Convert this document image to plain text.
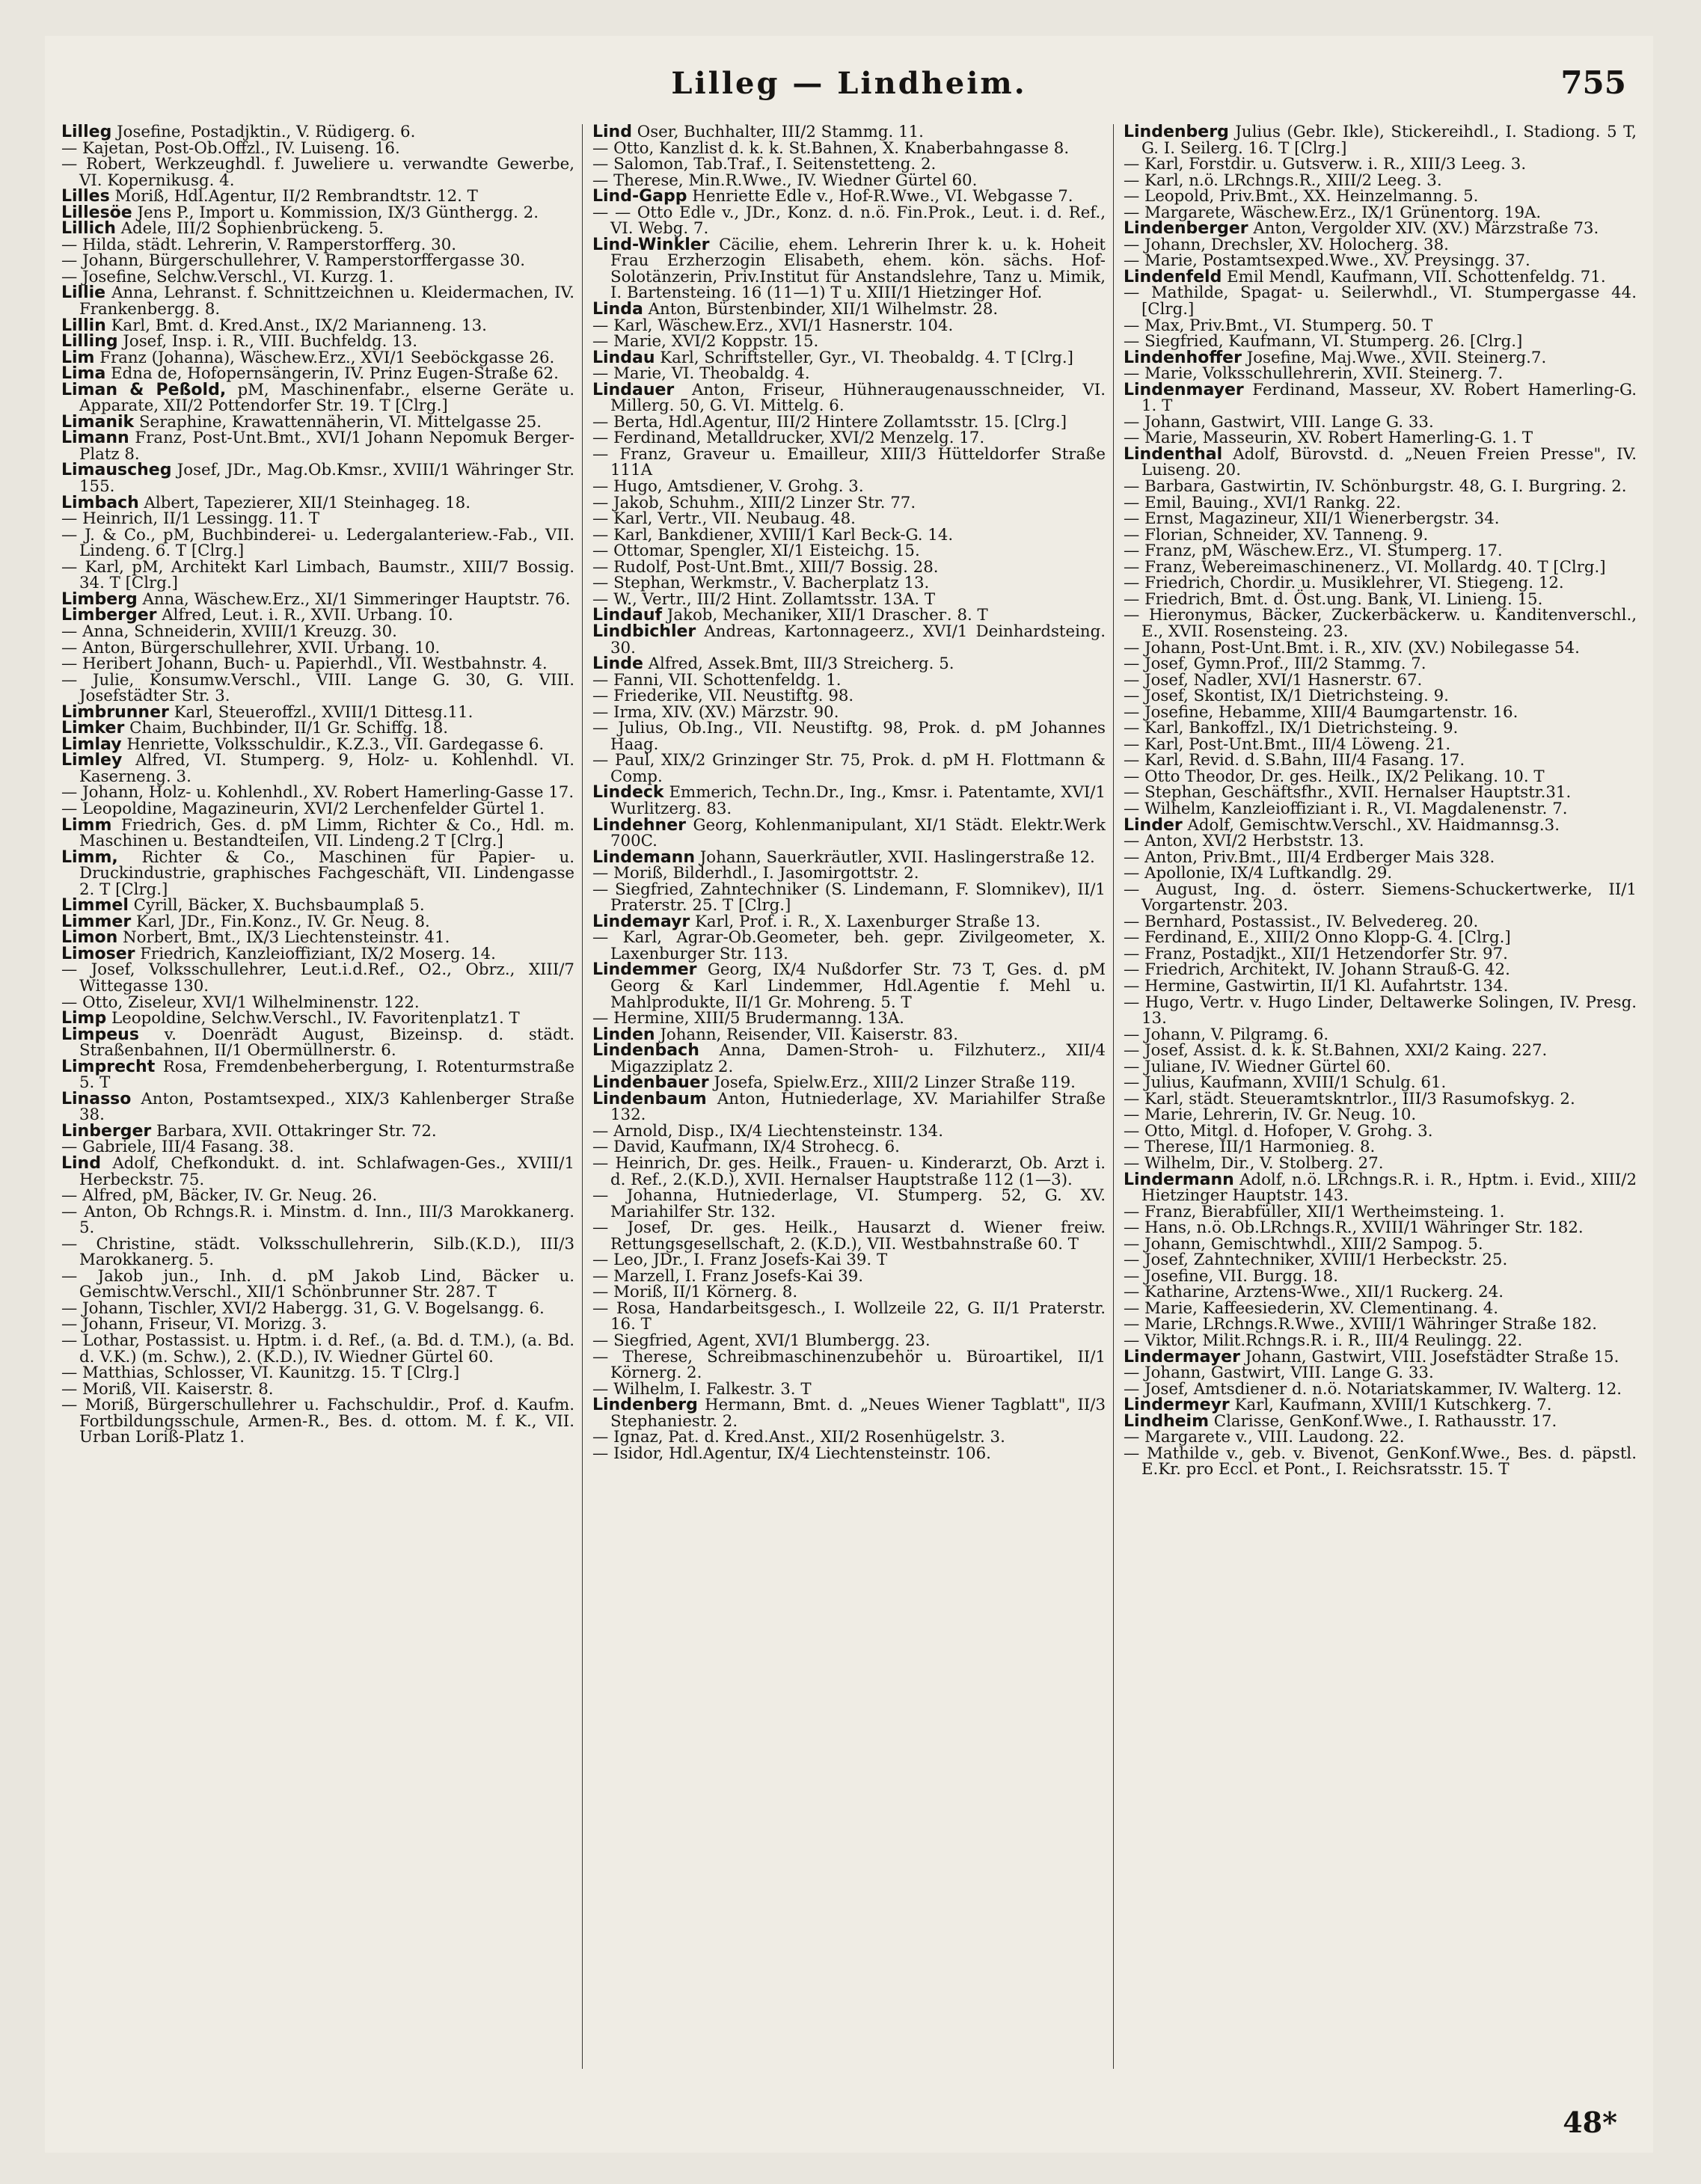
Lilleg — Lindheim.	755
Lilleg Josefine, Postadjktin., V. Rüdigerg. 6.
— Kajetan, Post-Ob.Offzl., IV. Luiseng. 16.
— Robert, Werkzeughdl. f. Juweliere u. verwandte Gewerbe, VI. Kopernikusg. 4.
Lilles Moriß, Hdl.Agentur, II/2 Rembrandtstr. 12. T
Lillesöe Jens P., Import u. Kommission, IX/3 Günthergg. 2.
Lillich Adele, III/2 Sophienbrückeng. 5.
— Hilda, städt. Lehrerin, V. Ramperstorfferg. 30.
— Johann, Bürgerschullehrer, V. Ramperstorffergasse 30.
— Josefine, Selchw.Verschl., VI. Kurzg. 1.
Lillie Anna, Lehranst. f. Schnittzeichnen u. Kleidermachen, IV. Frankenbergg. 8.
Lillin Karl, Bmt. d. Kred.Anst., IX/2 Marianneng. 13.
Lilling Josef, Insp. i. R., VIII. Buchfeldg. 13.
Lim Franz (Johanna), Wäschew.Erz., XVI/1 Seeböckgasse 26.
Lima Edna de, Hofopernsängerin, IV. Prinz Eugen-Straße 62.
Liman & Peßold, pM, Maschinenfabr., elserne Geräte u. Apparate, XII/2 Pottendorfer Str. 19. T [Clrg.]
Limanik Seraphine, Krawattennäherin, VI. Mittelgasse 25.
Limann Franz, Post-Unt.Bmt., XVI/1 Johann Nepomuk Berger-Platz 8.
Limauscheg Josef, JDr., Mag.Ob.Kmsr., XVIII/1 Währinger Str. 155.
Limbach Albert, Tapezierer, XII/1 Steinhageg. 18.
— Heinrich, II/1 Lessingg. 11. T
— J. & Co., pM, Buchbinderei- u. Ledergalanteriew.-Fab., VII. Lindeng. 6. T [Clrg.]
— Karl, pM, Architekt Karl Limbach, Baumstr., XIII/7 Bossig. 34. T [Clrg.]
Limberg Anna, Wäschew.Erz., XI/1 Simmeringer Hauptstr. 76.
Limberger Alfred, Leut. i. R., XVII. Urbang. 10.
— Anna, Schneiderin, XVIII/1 Kreuzg. 30.
— Anton, Bürgerschullehrer, XVII. Urbang. 10.
— Heribert Johann, Buch- u. Papierhdl., VII. Westbahnstr. 4.
— Julie, Konsumw.Verschl., VIII. Lange G. 30, G. VIII. Josefstädter Str. 3.
Limbrunner Karl, Steueroffzl., XVIII/1 Dittesg.11.
Limker Chaim, Buchbinder, II/1 Gr. Schiffg. 18.
Limlay Henriette, Volksschuldir., K.Z.3., VII. Gardegasse 6.
Limley Alfred, VI. Stumperg. 9, Holz- u. Kohlenhdl. VI. Kaserneng. 3.
— Johann, Holz- u. Kohlenhdl., XV. Robert Hamerling-Gasse 17.
— Leopoldine, Magazineurin, XVI/2 Lerchenfelder Gürtel 1.
Limm Friedrich, Ges. d. pM Limm, Richter & Co., Hdl. m. Maschinen u. Bestandteilen, VII. Lindeng.2 T [Clrg.]
Limm, Richter & Co., Maschinen für Papier- u. Druckindustrie, graphisches Fachgeschäft, VII. Lindengasse 2. T [Clrg.]
Limmel Cyrill, Bäcker, X. Buchsbaumplaß 5.
Limmer Karl, JDr., Fin.Konz., IV. Gr. Neug. 8.
Limon Norbert, Bmt., IX/3 Liechtensteinstr. 41.
Limoser Friedrich, Kanzleioffiziant, IX/2 Moserg. 14.
— Josef, Volksschullehrer, Leut.i.d.Ref., O2., Obrz., XIII/7 Wittegasse 130.
— Otto, Ziseleur, XVI/1 Wilhelminenstr. 122.
Limp Leopoldine, Selchw.Verschl., IV. Favoritenplatz1. T
Limpeus v. Doenrädt August, Bizeinsp. d. städt. Straßenbahnen, II/1 Obermüllnerstr. 6.
Limprecht Rosa, Fremdenbeherbergung, I. Rotenturmstraße 5. T
Linasso Anton, Postamtsexped., XIX/3 Kahlenberger Straße 38.
Linberger Barbara, XVII. Ottakringer Str. 72.
— Gabriele, III/4 Fasang. 38.
Lind Adolf, Chefkondukt. d. int. Schlafwagen-Ges., XVIII/1 Herbeckstr. 75.
— Alfred, pM, Bäcker, IV. Gr. Neug. 26.
— Anton, Ob Rchngs.R. i. Minstm. d. Inn., III/3 Marokkanerg. 5.
— Christine, städt. Volksschullehrerin, Silb.(K.D.), III/3 Marokkanerg. 5.
— Jakob jun., Inh. d. pM Jakob Lind, Bäcker u. Gemischtw.Verschl., XII/1 Schönbrunner Str. 287. T
— Johann, Tischler, XVI/2 Habergg. 31, G. V. Bogelsangg. 6.
— Johann, Friseur, VI. Morizg. 3.
— Lothar, Postassist. u. Hptm. i. d. Ref., (a. Bd. d. T.M.), (a. Bd. d. V.K.) (m. Schw.), 2. (K.D.), IV. Wiedner Gürtel 60.
— Matthias, Schlosser, VI. Kaunitzg. 15. T [Clrg.]
— Moriß, VII. Kaiserstr. 8.
— Moriß, Bürgerschullehrer u. Fachschuldir., Prof. d. Kaufm. Fortbildungsschule, Armen-R., Bes. d. ottom. M. f. K., VII. Urban Loriß-Platz 1.
Lind Oser, Buchhalter, III/2 Stammg. 11.
— Otto, Kanzlist d. k. k. St.Bahnen, X. Knaberbahngasse 8.
— Salomon, Tab.Traf., I. Seitenstetteng. 2.
— Therese, Min.R.Wwe., IV. Wiedner Gürtel 60.
Lind-Gapp Henriette Edle v., Hof-R.Wwe., VI. Webgasse 7.
— — Otto Edle v., JDr., Konz. d. n.ö. Fin.Prok., Leut. i. d. Ref., VI. Webg. 7.
Lind-Winkler Cäcilie, ehem. Lehrerin Ihrer k. u. k. Hoheit Frau Erzherzogin Elisabeth, ehem. kön. sächs. Hof-Solotänzerin, Priv.Institut für Anstandslehre, Tanz u. Mimik, I. Bartensteing. 16 (11—1) T u. XIII/1 Hietzinger Hof.
Linda Anton, Bürstenbinder, XII/1 Wilhelmstr. 28.
— Karl, Wäschew.Erz., XVI/1 Hasnerstr. 104.
— Marie, XVI/2 Koppstr. 15.
Lindau Karl, Schriftsteller, Gyr., VI. Theobaldg. 4. T [Clrg.]
— Marie, VI. Theobaldg. 4.
Lindauer Anton, Friseur, Hühneraugenausschneider, VI. Millerg. 50, G. VI. Mittelg. 6.
— Berta, Hdl.Agentur, III/2 Hintere Zollamtsstr. 15. [Clrg.]
— Ferdinand, Metalldrucker, XVI/2 Menzelg. 17.
— Franz, Graveur u. Emailleur, XIII/3 Hütteldorfer Straße 111A
— Hugo, Amtsdiener, V. Grohg. 3.
— Jakob, Schuhm., XIII/2 Linzer Str. 77.
— Karl, Vertr., VII. Neubaug. 48.
— Karl, Bankdiener, XVIII/1 Karl Beck-G. 14.
— Ottomar, Spengler, XI/1 Eisteichg. 15.
— Rudolf, Post-Unt.Bmt., XIII/7 Bossig. 28.
— Stephan, Werkmstr., V. Bacherplatz 13.
— W., Vertr., III/2 Hint. Zollamtsstr. 13A. T
Lindauf Jakob, Mechaniker, XII/1 Draschег. 8. T
Lindbichler Andreas, Kartonnageerz., XVI/1 Deinhardsteing. 30.
Linde Alfred, Assek.Bmt, III/3 Streicherg. 5.
— Fanni, VII. Schottenfeldg. 1.
— Friederike, VII. Neustiftg. 98.
— Irma, XIV. (XV.) Märzstr. 90.
— Julius, Ob.Ing., VII. Neustiftg. 98, Prok. d. pM Johannes Haag.
— Paul, XIX/2 Grinzinger Str. 75, Prok. d. pM H. Flottmann & Comp.
Lindeck Emmerich, Techn.Dr., Ing., Kmsr. i. Patentamte, XVI/1 Wurlitzerg. 83.
Lindehner Georg, Kohlenmanipulant, XI/1 Städt. Elektr.Werk 700C.
Lindemann Johann, Sauerkräutler, XVII. Haslingerstraße 12.
— Moriß, Bilderhdl., I. Jasomirgottstr. 2.
— Siegfried, Zahntechniker (S. Lindemann, F. Slomnikev), II/1 Praterstr. 25. T [Clrg.]
Lindemayr Karl, Prof. i. R., X. Laxenburger Straße 13.
— Karl, Agrar-Ob.Geometer, beh. gepr. Zivilgeometer, X. Laxenburger Str. 113.
Lindemmer Georg, IX/4 Nußdorfer Str. 73 T, Ges. d. pM Georg & Karl Lindemmer, Hdl.Agentie f. Mehl u. Mahlprodukte, II/1 Gr. Mohreng. 5. T
— Hermine, XIII/5 Brudermanng. 13A.
Linden Johann, Reisender, VII. Kaiserstr. 83.
Lindenbach Anna, Damen-Stroh- u. Filzhuterz., XII/4 Migazziplatz 2.
Lindenbauer Josefa, Spielw.Erz., XIII/2 Linzer Straße 119.
Lindenbaum Anton, Hutniederlage, XV. Mariahilfer Straße 132.
— Arnold, Disp., IX/4 Liechtensteinstr. 134.
— David, Kaufmann, IX/4 Strohecg. 6.
— Heinrich, Dr. ges. Heilk., Frauen- u. Kinderarzt, Ob. Arzt i. d. Ref., 2.(K.D.), XVII. Hernalser Hauptstraße 112 (1—3).
— Johanna, Hutniederlage, VI. Stumperg. 52, G. XV. Mariahilfer Str. 132.
— Josef, Dr. ges. Heilk., Hausarzt d. Wiener freiw. Rettungsgesellschaft, 2. (K.D.), VII. Westbahnstraße 60. T
— Leo, JDr., I. Franz Josefs-Kai 39. T
— Marzell, I. Franz Josefs-Kai 39.
— Moriß, II/1 Körnerg. 8.
— Rosa, Handarbeitsgesch., I. Wollzeile 22, G. II/1 Praterstr. 16. T
— Siegfried, Agent, XVI/1 Blumbergg. 23.
— Therese, Schreibmaschinenzubehör u. Büroartikel, II/1 Körnerg. 2.
— Wilhelm, I. Falkestr. 3. T
Lindenberg Hermann, Bmt. d. „Neues Wiener Tagblatt", II/3 Stephaniestr. 2.
— Ignaz, Pat. d. Kred.Anst., XII/2 Rosenhügelstr. 3.
— Isidor, Hdl.Agentur, IX/4 Liechtensteinstr. 106.
Lindenberg Julius (Gebr. Ikle), Stickereihdl., I. Stadiong. 5 T, G. I. Seilerg. 16. T [Clrg.]
— Karl, Forstdir. u. Gutsverw. i. R., XIII/3 Leeg. 3.
— Karl, n.ö. LRchngs.R., XIII/2 Leeg. 3.
— Leopold, Priv.Bmt., XX. Heinzelmanng. 5.
— Margarete, Wäschew.Erz., IX/1 Grünentorg. 19A.
Lindenberger Anton, Vergolder XIV. (XV.) Märzstraße 73.
— Johann, Drechsler, XV. Holocherg. 38.
— Marie, Postamtsexped.Wwe., XV. Preysingg. 37.
Lindenfeld Emil Mendl, Kaufmann, VII. Schottenfeldg. 71.
— Mathilde, Spagat- u. Seilerwhdl., VI. Stumpergasse 44. [Clrg.]
— Max, Priv.Bmt., VI. Stumperg. 50. T
— Siegfried, Kaufmann, VI. Stumperg. 26. [Clrg.]
Lindenhoffer Josefine, Maj.Wwe., XVII. Steinerg.7.
— Marie, Volksschullehrerin, XVII. Steinerg. 7.
Lindenmayer Ferdinand, Masseur, XV. Robert Hamerling-G. 1. T
— Johann, Gastwirt, VIII. Lange G. 33.
— Marie, Masseurin, XV. Robert Hamerling-G. 1. T
Lindenthal Adolf, Bürovstd. d. „Neuen Freien Presse", IV. Luiseng. 20.
— Barbara, Gastwirtin, IV. Schönburgstr. 48, G. I. Burgring. 2.
— Emil, Bauing., XVI/1 Rankg. 22.
— Ernst, Magazineur, XII/1 Wienerbergstr. 34.
— Florian, Schneider, XV. Tanneng. 9.
— Franz, pM, Wäschew.Erz., VI. Stumperg. 17.
— Franz, Webereimaschinenerz., VI. Mollardg. 40. T [Clrg.]
— Friedrich, Chordir. u. Musiklehrer, VI. Stiegeng. 12.
— Friedrich, Bmt. d. Öst.ung. Bank, VI. Linieng. 15.
— Hieronymus, Bäcker, Zuckerbäckerw. u. Kanditenverschl., E., XVII. Rosensteing. 23.
— Johann, Post-Unt.Bmt. i. R., XIV. (XV.) Nobilegasse 54.
— Josef, Gymn.Prof., III/2 Stammg. 7.
— Josef, Nadler, XVI/1 Hasnerstr. 67.
— Josef, Skontist, IX/1 Dietrichsteing. 9.
— Josefine, Hebamme, XIII/4 Baumgartenstr. 16.
— Karl, Bankoffzl., IX/1 Dietrichsteing. 9.
— Karl, Post-Unt.Bmt., III/4 Löweng. 21.
— Karl, Revid. d. S.Bahn, III/4 Fasang. 17.
— Otto Theodor, Dr. ges. Heilk., IX/2 Pelikang. 10. T
— Stephan, Geschäftsfhr., XVII. Hernalser Hauptstr.31.
— Wilhelm, Kanzleioffiziant i. R., VI. Magdalenenstr. 7.
Linder Adolf, Gemischtw.Verschl., XV. Haidmannsg.3.
— Anton, XVI/2 Herbststr. 13.
— Anton, Priv.Bmt., III/4 Erdberger Mais 328.
— Apollonie, IX/4 Luftkandlg. 29.
— August, Ing. d. österr. Siemens-Schuckertwerke, II/1 Vorgartenstr. 203.
— Bernhard, Postassist., IV. Belvedereg. 20.
— Ferdinand, E., XIII/2 Onno Klopp-G. 4. [Clrg.]
— Franz, Postadjkt., XII/1 Hetzendorfer Str. 97.
— Friedrich, Architekt, IV. Johann Strauß-G. 42.
— Hermine, Gastwirtin, II/1 Kl. Aufahrtstr. 134.
— Hugo, Vertr. v. Hugo Linder, Deltawerke Solingen, IV. Presg. 13.
— Johann, V. Pilgramg. 6.
— Josef, Assist. d. k. k. St.Bahnen, XXI/2 Kaing. 227.
— Juliane, IV. Wiedner Gürtel 60.
— Julius, Kaufmann, XVIII/1 Schulg. 61.
— Karl, städt. Steueramtskntrlor., III/3 Rasumofskyg. 2.
— Marie, Lehrerin, IV. Gr. Neug. 10.
— Otto, Mitgl. d. Hofoper, V. Grohg. 3.
— Therese, III/1 Harmonieg. 8.
— Wilhelm, Dir., V. Stolberg. 27.
Lindermann Adolf, n.ö. LRchngs.R. i. R., Hptm. i. Evid., XIII/2 Hietzinger Hauptstr. 143.
— Franz, Bierabfüller, XII/1 Wertheimsteing. 1.
— Hans, n.ö. Ob.LRchngs.R., XVIII/1 Währinger Str. 182.
— Johann, Gemischtwhdl., XIII/2 Sampog. 5.
— Josef, Zahntechniker, XVIII/1 Herbeckstr. 25.
— Josefine, VII. Burgg. 18.
— Katharine, Arztens-Wwe., XII/1 Ruckerg. 24.
— Marie, Kaffeesiederin, XV. Clementinang. 4.
— Marie, LRchngs.R.Wwe., XVIII/1 Währinger Straße 182.
— Viktor, Milit.Rchngs.R. i. R., III/4 Reulingg. 22.
Lindermayer Johann, Gastwirt, VIII. Josefstädter Straße 15.
— Johann, Gastwirt, VIII. Lange G. 33.
— Josef, Amtsdiener d. n.ö. Notariatskammer, IV. Walterg. 12.
Lindermeyr Karl, Kaufmann, XVIII/1 Kutschkerg. 7.
Lindheim Clarisse, GenKonf.Wwe., I. Rathausstr. 17.
— Margarete v., VIII. Laudong. 22.
— Mathilde v., geb. v. Bivenot, GenKonf.Wwe., Bes. d. päpstl. E.Kr. pro Eccl. et Pont., I. Reichsratsstr. 15. T
48*
